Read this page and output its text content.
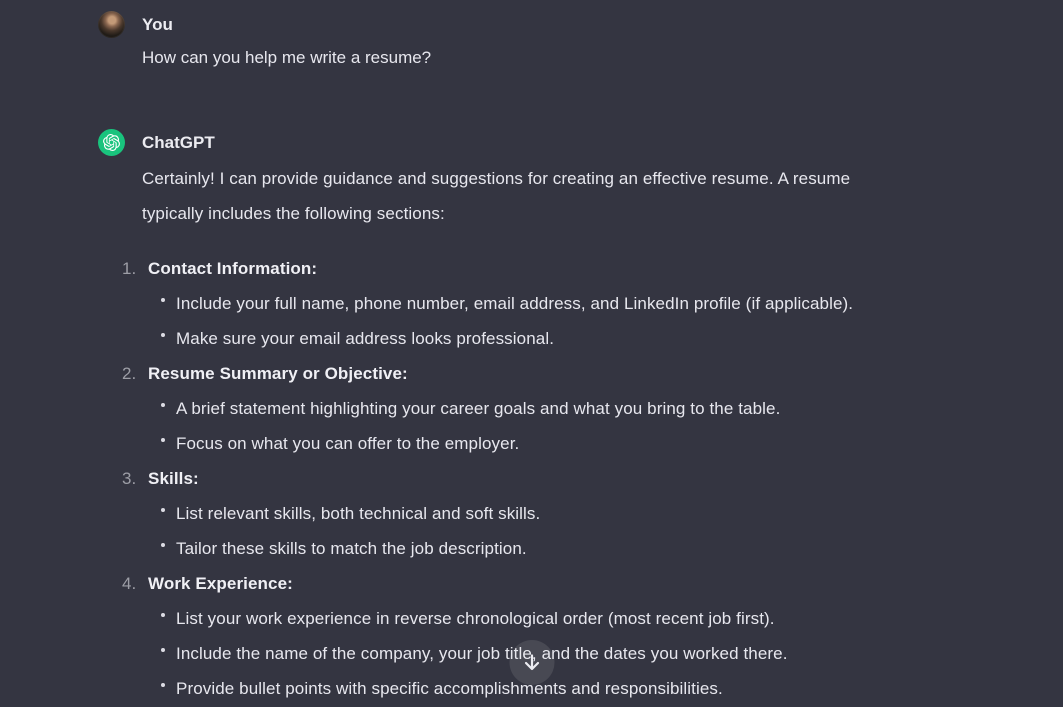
You
How can you help me write a resume?
ChatGPT

Certainly! I can provide guidance and suggestions for creating an effective resume. A resume typically includes the following sections:

1. Contact Information:
Include your full name, phone number, email address, and LinkedIn profile (if applicable).
Make sure your email address looks professional.
2. Resume Summary or Objective:
A brief statement highlighting your career goals and what you bring to the table.
Focus on what you can offer to the employer.
3. Skills:
List relevant skills, both technical and soft skills.
Tailor these skills to match the job description.
4. Work Experience:
List your work experience in reverse chronological order (most recent job first).
Include the name of the company, your job title, and the dates you worked there.
Provide bullet points with specific accomplishments and responsibilities.
